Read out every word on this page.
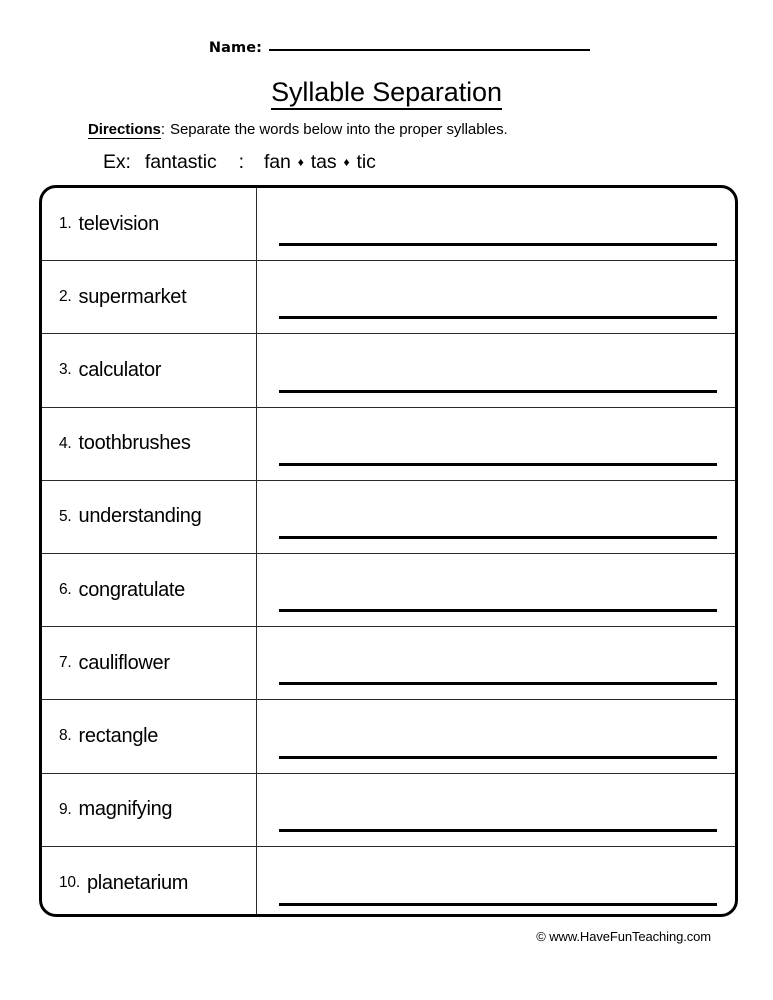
Name:
Syllable Separation
Directions: Separate the words below into the proper syllables.
Ex: fantastic : fan ♦ tas ♦ tic
1. television
2. supermarket
3. calculator
4. toothbrushes
5. understanding
6. congratulate
7. cauliflower
8. rectangle
9. magnifying
10. planetarium
© www.HaveFunTeaching.com
